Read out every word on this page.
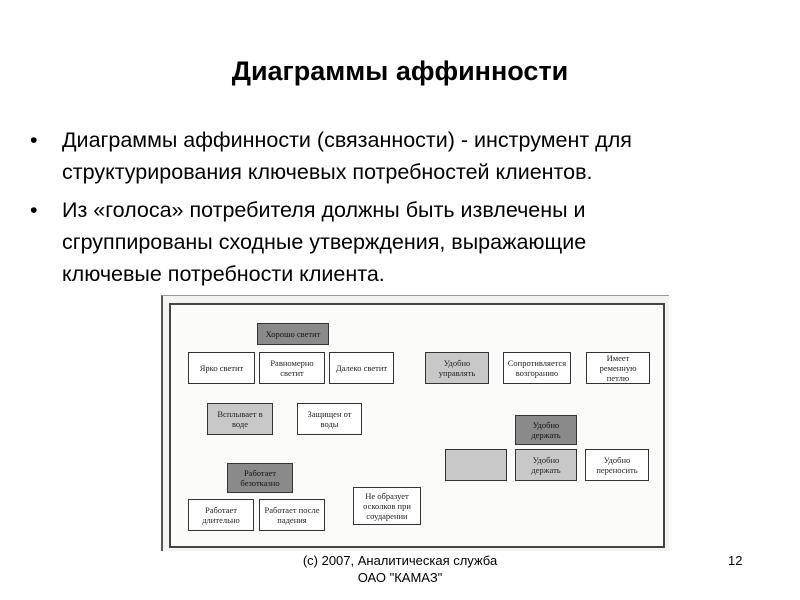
Диаграммы аффинности
• Диаграммы аффинности (связанности) - инструмент для
структурирования ключевых потребностей клиентов.
• Из «голоса» потребителя должны быть извлечены и
сгруппированы сходные утверждения, выражающие
ключевые потребности клиента.
Хорошо светит
Ярко светит	Равномерно светит	Далеко светит	Удобно управлять
Сопротивляется возгоранию
Имеет ременную петлю
Всплывает в воде
Защищен от воды	Удобно держать
Удобно держать
Удобно переносить
Работает безотказно
Работает длительно
Работает после падения
Не образует осколков при соударении
(с) 2007, Аналитическая служба
ОАО "КАМАЗ"
12
